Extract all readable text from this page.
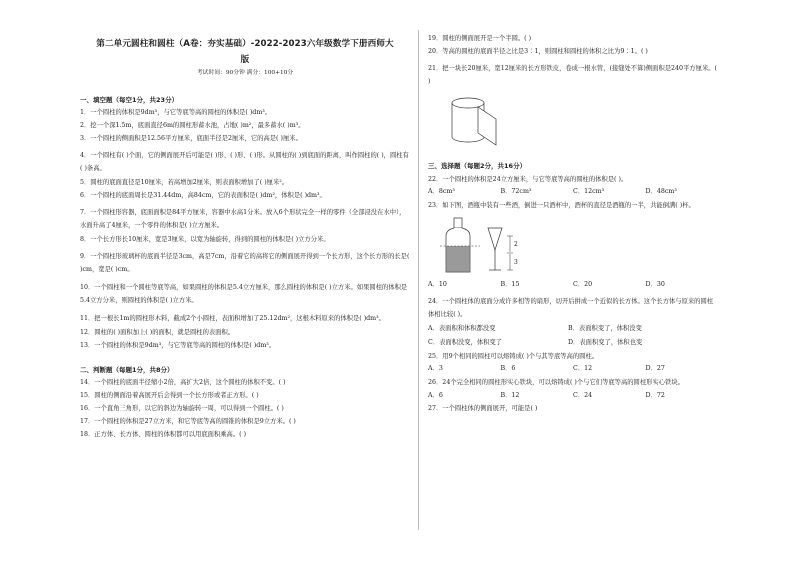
第二单元圆柱和圆柱（A卷：夯实基础）-2022-2023六年级数学下册西师大
版
考试时间：90分钟 满分：100+10分
一、填空题（每空1分，共23分）
1．一个圆柱的体积是9dm³，与它等底等高的圆柱的体积是( )dm³。
2．挖一个深1.5m，底面直径6m的圆柱形蓄水池，占地( )m²，最多蓄水( )m³。
3．一个圆柱的侧面积是12.56平方厘米，底面半径是2厘米，它的高是( )厘米。
4．一个圆柱有( )个面，它的侧面展开后可能是( )形、( )形、( )形。从圆柱的( )到底面的距离，叫作圆柱的( )，圆柱有( )条高。
5．圆柱的底面直径是10厘米，若高增加2厘米，则表面积增加了( )厘米²。
6．一个圆柱的底面周长是31.44dm，高84cm，它的表面积是( )dm²，体积是( )dm³。
7．一个圆柱形容器，底面面积是84平方厘米，容器中水高1分米。放入6个形状完全一样的零件（全部浸没在水中），水面升高了4厘米，一个零件的体积是( )立方厘米。
8．一个长方形长10厘米，宽是3厘米，以宽为轴旋转，得到的圆柱的体积是( )立方分米。
9．一个圆柱形玻璃杯的底面半径是3cm，高是7cm，沿着它的高将它的侧面展开得到一个长方形，这个长方形的长是( )cm，宽是( )cm。
10．一个圆柱和一个圆柱等底等高，如果圆柱的体积是5.4立方厘米，那么圆柱的体积是( )立方米。如果圆柱的体积是5.4立方分米，则圆柱的体积是( )立方米。
11．把一根长1m的圆柱形木料，截成2个小圆柱，表面积增加了25.12dm²，这根木料原来的体积是( )dm³。
12．圆柱的( )面积加上( )的面积，就是圆柱的表面积。
13．一个圆柱的体积是9dm³，与它等底等高的圆柱的体积是( )dm³。
二、判断题（每题1分，共8分）
14．一个圆柱的底面半径缩小2倍，高扩大2倍，这个圆柱的体积不变。( )
15．圆柱的侧面沿着高展开后会得到一个长方形或者正方形。( )
16．一个直角三角形，以它的斜边为轴旋转一周，可以得到一个圆柱。( )
17．一个圆柱的体积是27立方米，和它等底等高的圆锥的体积是9立方米。( )
18．正方体、长方体、圆柱的体积都可以用底面积乘高。( )
19．圆柱的侧面展开是一个半圆。( )
20．等高的圆柱的底面半径之比是3∶1，则圆柱和圆柱的体积之比为9∶1。( )
21．把一块长20厘米，宽12厘米的长方形铁皮，卷成一根水管，(接缝处不算)侧面积是240平方厘米。( )
三、选择题（每题2分，共16分）
22．一个圆柱的体积是24立方厘米，与它等底等高的圆柱的体积是( )。
A．8cm³	B．72cm³	C．12cm³	D．48cm³
23．如下图，酒瓶中装有一些酒，倒进一只酒杯中，酒杯的直径是酒瓶的一半，共能倒满( )杯。
2
3
A．10	B．15	C．20	D．30
24．一个圆柱体的底面分成许多相等的扇形，切开后拼成一个近似的长方体。这个长方体与原来的圆柱体相比较( )。
A．表面积和体积都没变	B．表面积变了，体积没变
C．表面积没变，体积变了	D．表面积变了，体积也变
25．用9个相同的圆柱可以熔铸成( )个与其等底等高的圆柱。
A．3	B．6	C．12	D．27
26．24个完全相同的圆柱形实心铁块，可以熔铸成( )个与它们等底等高的圆柱形实心铁块。
A．6	B．12	C．24	D．72
27．一个圆柱体的侧面展开，可能是( )
